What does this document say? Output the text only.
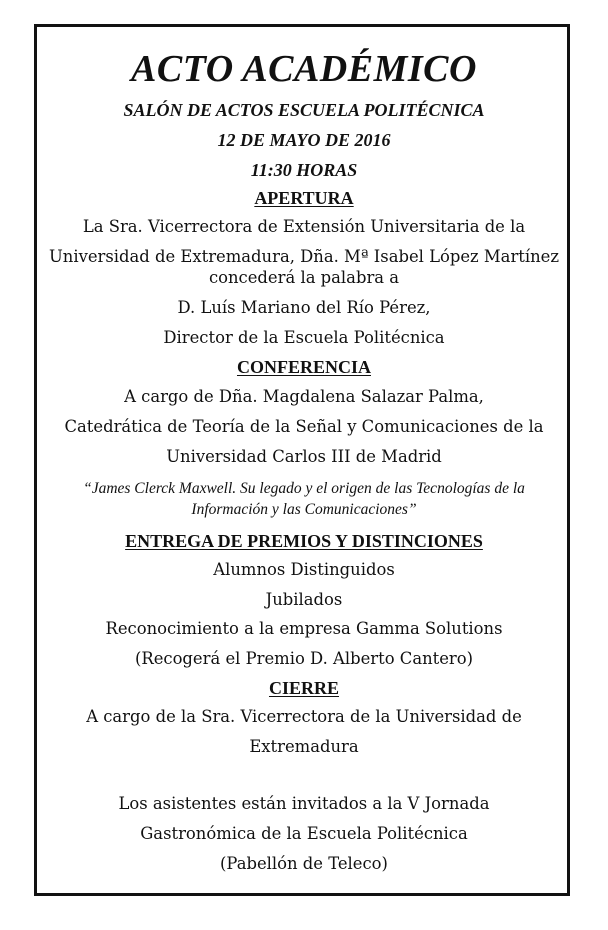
ACTO ACADÉMICO
SALÓN DE ACTOS ESCUELA POLITÉCNICA
12 DE MAYO DE 2016
11:30 HORAS
APERTURA
La Sra. Vicerrectora de Extensión Universitaria de la
Universidad de Extremadura, Dña. Mª Isabel López Martínez
concederá la palabra a
D. Luís Mariano del Río Pérez,
Director de la Escuela Politécnica
CONFERENCIA
A cargo de Dña. Magdalena Salazar Palma,
Catedrática de Teoría de la Señal y Comunicaciones de la
Universidad Carlos III de Madrid
“James Clerck Maxwell. Su legado y el origen de las Tecnologías de la
Información y las Comunicaciones”
ENTREGA DE PREMIOS Y DISTINCIONES
Alumnos Distinguidos
Jubilados
Reconocimiento a la empresa Gamma Solutions
(Recogerá el Premio D. Alberto Cantero)
CIERRE
A cargo de la Sra. Vicerrectora de la Universidad de
Extremadura
Los asistentes están invitados a la V Jornada
Gastronómica de la Escuela Politécnica
(Pabellón de Teleco)
